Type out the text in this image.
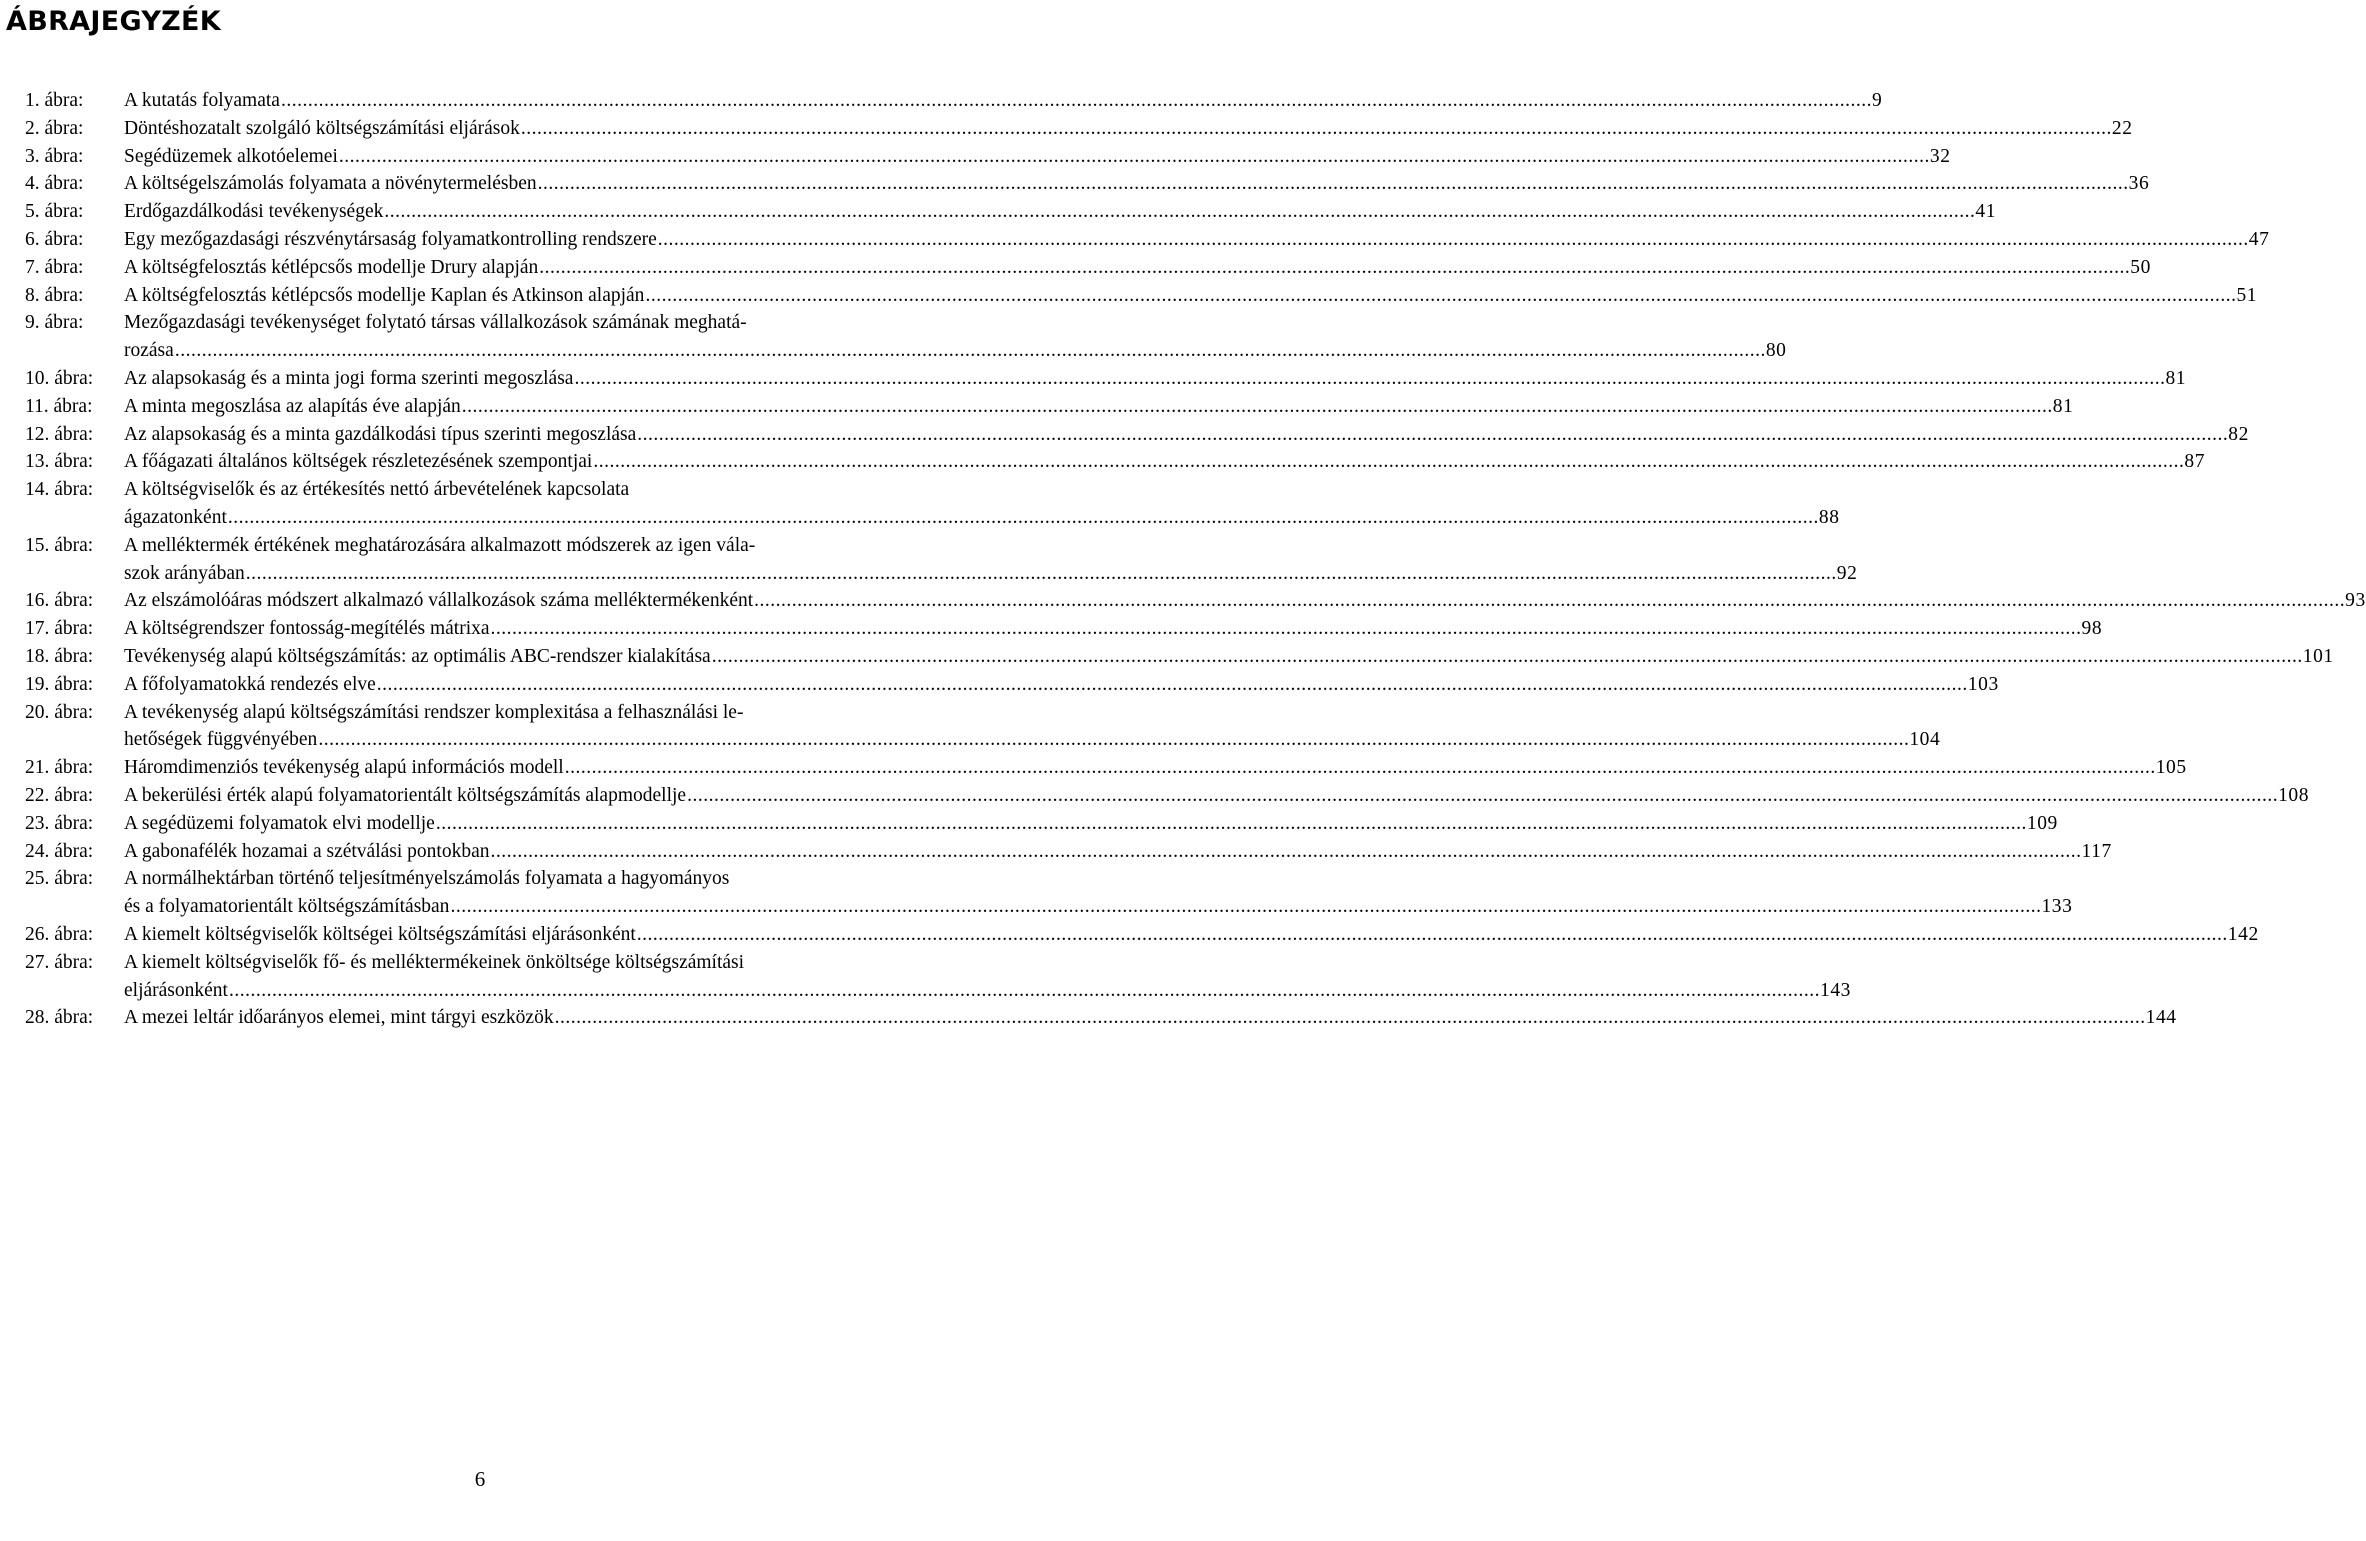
ÁBRAJEGYZÉK
1. ábra: A kutatás folyamata .....	9
2. ábra: Döntéshozatalt szolgáló költségszámítási eljárások .....	22
3. ábra: Segédüzemek alkotóelemei .....	32
4. ábra: A költségelszámolás folyamata a növénytermelésben .....	36
5. ábra: Erdőgazdálkodási tevékenységek .....	41
6. ábra: Egy mezőgazdasági részvénytársaság folyamatkontrolling rendszere .....	47
7. ábra: A költségfelosztás kétlépcsős modellje Drury alapján .....	50
8. ábra: A költségfelosztás kétlépcsős modellje Kaplan és Atkinson alapján .....	51
9. ábra: Mezőgazdasági tevékenységet folytató társas vállalkozások számának meghatá-
rozása .....	80
10. ábra: Az alapsokaság és a minta jogi forma szerinti megoszlása .....	81
11. ábra: A minta megoszlása az alapítás éve alapján .....	81
12. ábra: Az alapsokaság és a minta gazdálkodási típus szerinti megoszlása .....	82
13. ábra: A főágazati általános költségek részletezésének szempontjai .....	87
14. ábra: A költségviselők és az értékesítés nettó árbevételének kapcsolata
ágazatonként .....	88
15. ábra: A melléktermék értékének meghatározására alkalmazott módszerek az igen vála-
szok arányában .....	92
16. ábra: Az elszámolóáras módszert alkalmazó vállalkozások száma melléktermékenként .....	93
17. ábra: A költségrendszer fontosság-megítélés mátrixa .....	98
18. ábra: Tevékenység alapú költségszámítás: az optimális ABC-rendszer kialakítása .....	101
19. ábra: A főfolyamatokká rendezés elve .....	103
20. ábra: A tevékenység alapú költségszámítási rendszer komplexitása a felhasználási le-
hetőségek függvényében .....	104
21. ábra: Háromdimenziós tevékenység alapú információs modell .....	105
22. ábra: A bekerülési érték alapú folyamatorientált költségszámítás alapmodellje .....	108
23. ábra: A segédüzemi folyamatok elvi modellje .....	109
24. ábra: A gabonafélék hozamai a szétválási pontokban .....	117
25. ábra: A normálhektárban történő teljesítményelszámolás folyamata a hagyományos
és a folyamatorientált költségszámításban .....	133
26. ábra: A kiemelt költségviselők költségei költségszámítási eljárásonként .....	142
27. ábra: A kiemelt költségviselők fő- és melléktermékeinek önköltsége költségszámítási
eljárásonként .....	143
28. ábra: A mezei leltár időarányos elemei, mint tárgyi eszközök .....	144
6
